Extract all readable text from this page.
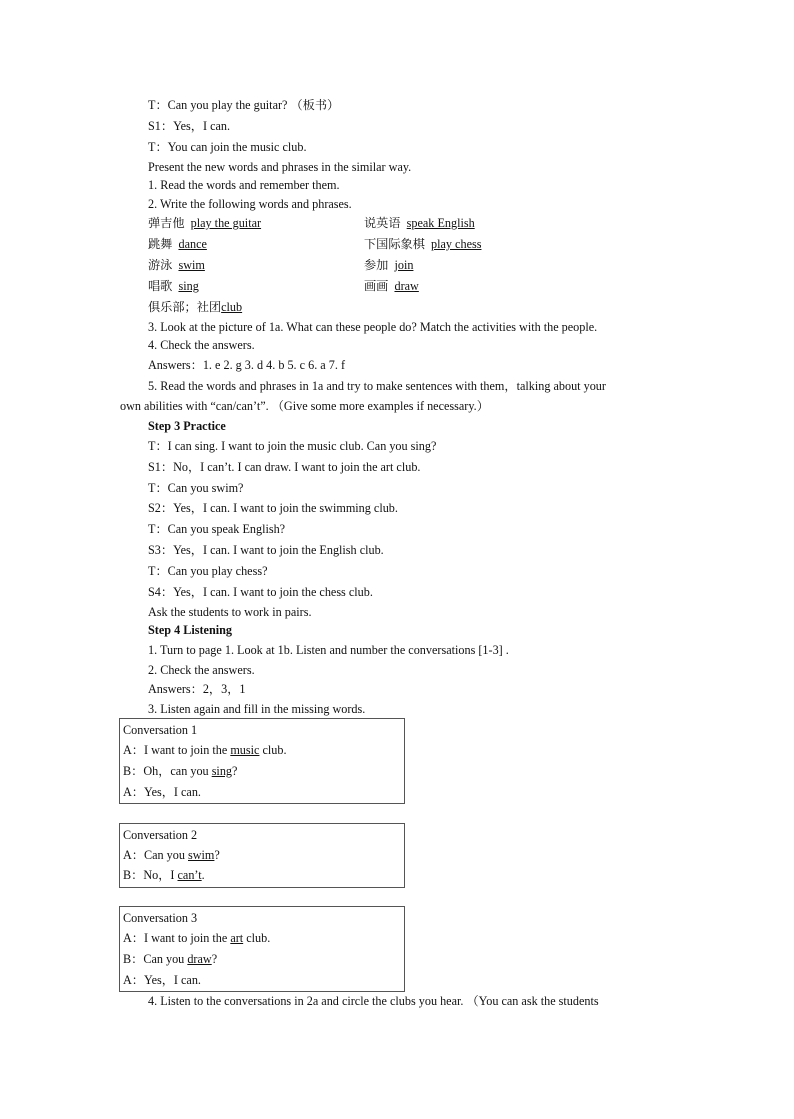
T：Can you play the guitar? （板书）
S1：Yes，I can.
T：You can join the music club.
Present the new words and phrases in the similar way.
1. Read the words and remember them.
2. Write the following words and phrases.
弹吉他 play the guitar	说英语 speak English
跳舞 dance	下国际象棋 play chess
游泳 swim	参加 join
唱歌 sing	画画 draw
俱乐部；社团club
3. Look at the picture of 1a. What can these people do? Match the activities with the people.
4. Check the answers.
Answers：1. e 2. g 3. d 4. b 5. c 6. a 7. f
5. Read the words and phrases in 1a and try to make sentences with them，talking about your
own abilities with “can/can’t”. （Give some more examples if necessary.）
Step 3 Practice
T：I can sing. I want to join the music club. Can you sing?
S1：No，I can’t. I can draw. I want to join the art club.
T：Can you swim?
S2：Yes，I can. I want to join the swimming club.
T：Can you speak English?
S3：Yes，I can. I want to join the English club.
T：Can you play chess?
S4：Yes，I can. I want to join the chess club.
Ask the students to work in pairs.
Step 4 Listening
1. Turn to page 1. Look at 1b. Listen and number the conversations [1-3] .
2. Check the answers.
Answers：2，3，1
3. Listen again and fill in the missing words.
Conversation 1
A：I want to join the music club.
B：Oh，can you sing?
A：Yes，I can.
Conversation 2
A：Can you swim?
B：No，I can’t.
Conversation 3
A：I want to join the art club.
B：Can you draw?
A：Yes，I can.
4. Listen to the conversations in 2a and circle the clubs you hear. （You can ask the students
